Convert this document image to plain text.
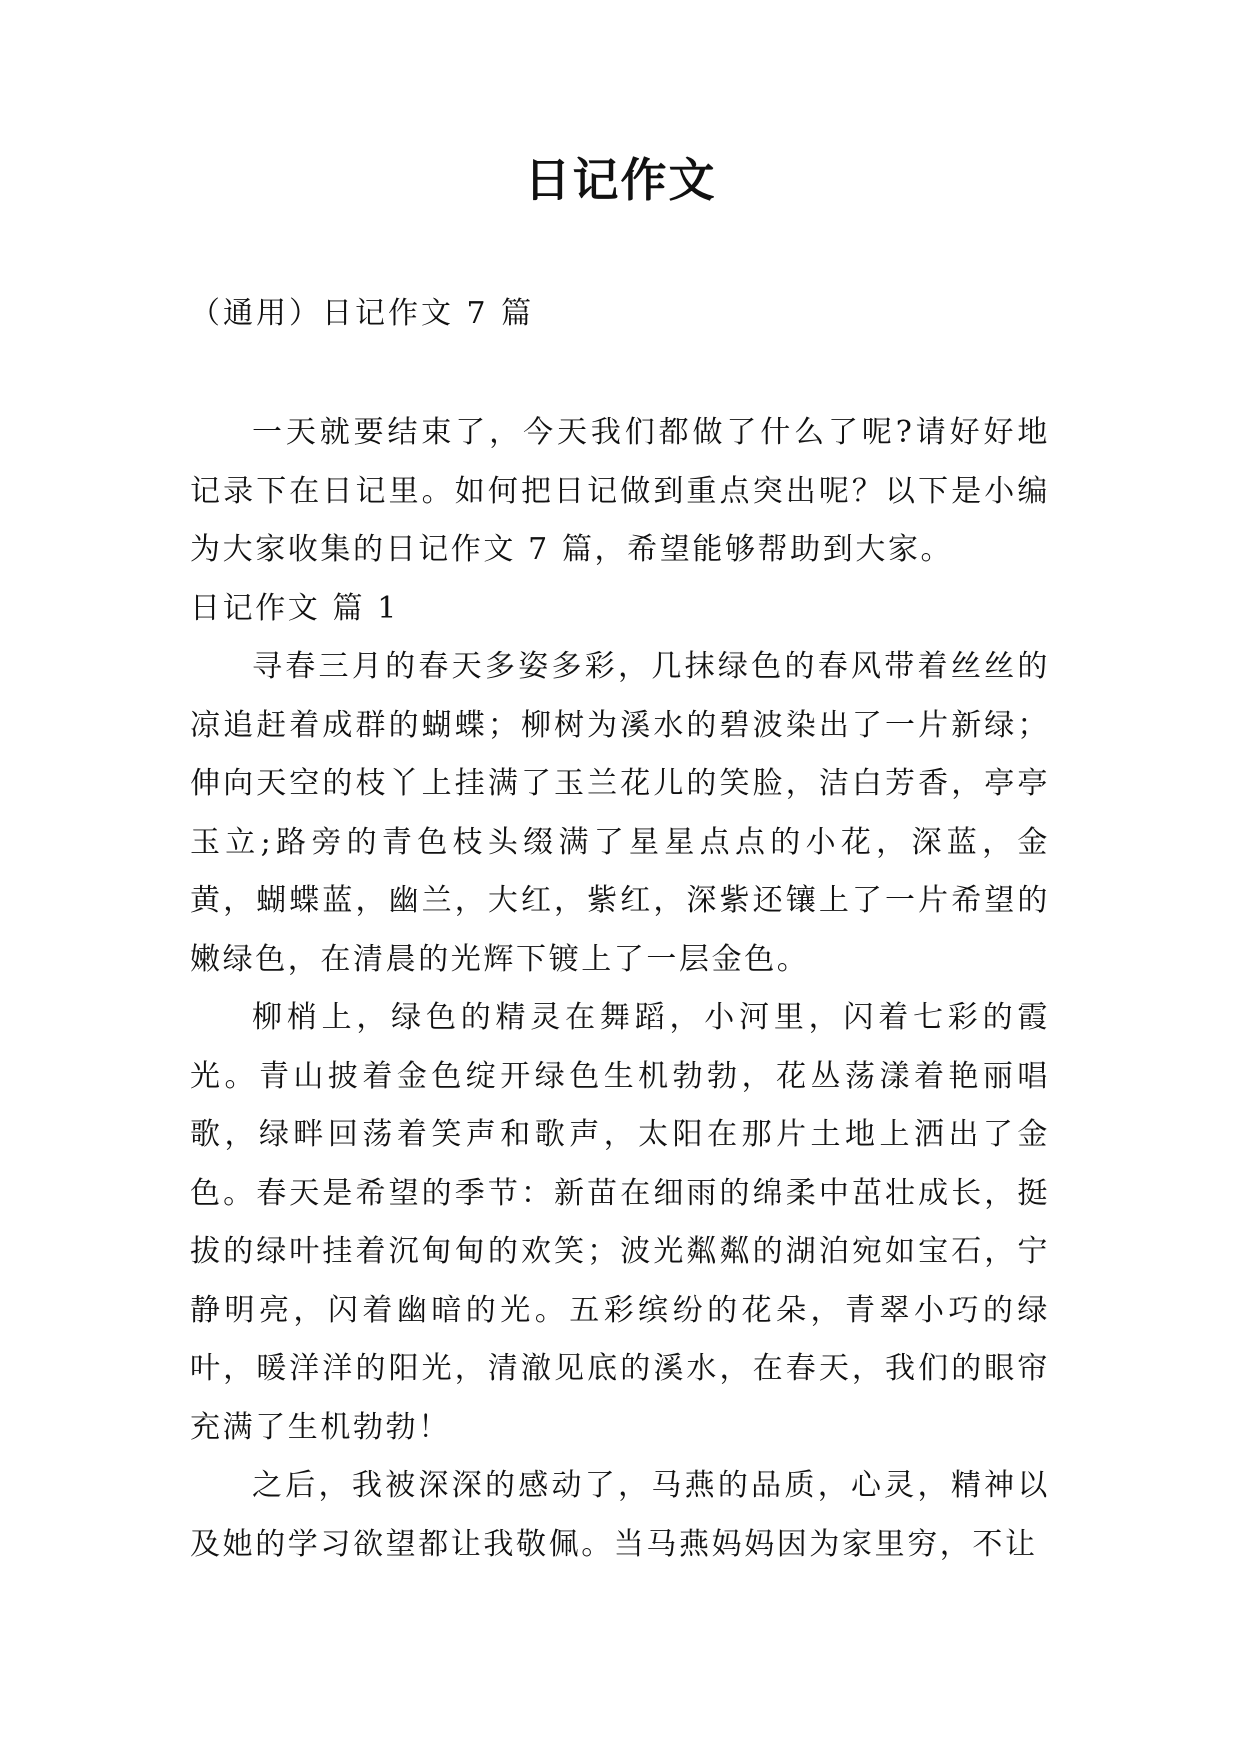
日记作文
（通用）日记作文 7 篇

一天就要结束了，今天我们都做了什么了呢?请好好地记录下在日记里。如何把日记做到重点突出呢？以下是小编为大家收集的日记作文 7 篇，希望能够帮助到大家。

日记作文 篇 1

寻春三月的春天多姿多彩，几抹绿色的春风带着丝丝的凉追赶着成群的蝴蝶；柳树为溪水的碧波染出了一片新绿；伸向天空的枝丫上挂满了玉兰花儿的笑脸，洁白芳香，亭亭玉立;路旁的青色枝头缀满了星星点点的小花，深蓝，金黄，蝴蝶蓝，幽兰，大红，紫红，深紫还镶上了一片希望的嫩绿色，在清晨的光辉下镀上了一层金色。

柳梢上，绿色的精灵在舞蹈，小河里，闪着七彩的霞光。青山披着金色绽开绿色生机勃勃，花丛荡漾着艳丽唱歌，绿畔回荡着笑声和歌声，太阳在那片土地上洒出了金色。春天是希望的季节：新苗在细雨的绵柔中茁壮成长，挺拔的绿叶挂着沉甸甸的欢笑；波光粼粼的湖泊宛如宝石，宁静明亮，闪着幽暗的光。五彩缤纷的花朵，青翠小巧的绿叶，暖洋洋的阳光，清澈见底的溪水，在春天，我们的眼帘充满了生机勃勃！

之后，我被深深的感动了，马燕的品质，心灵，精神以及她的学习欲望都让我敬佩。当马燕妈妈因为家里穷，不让
